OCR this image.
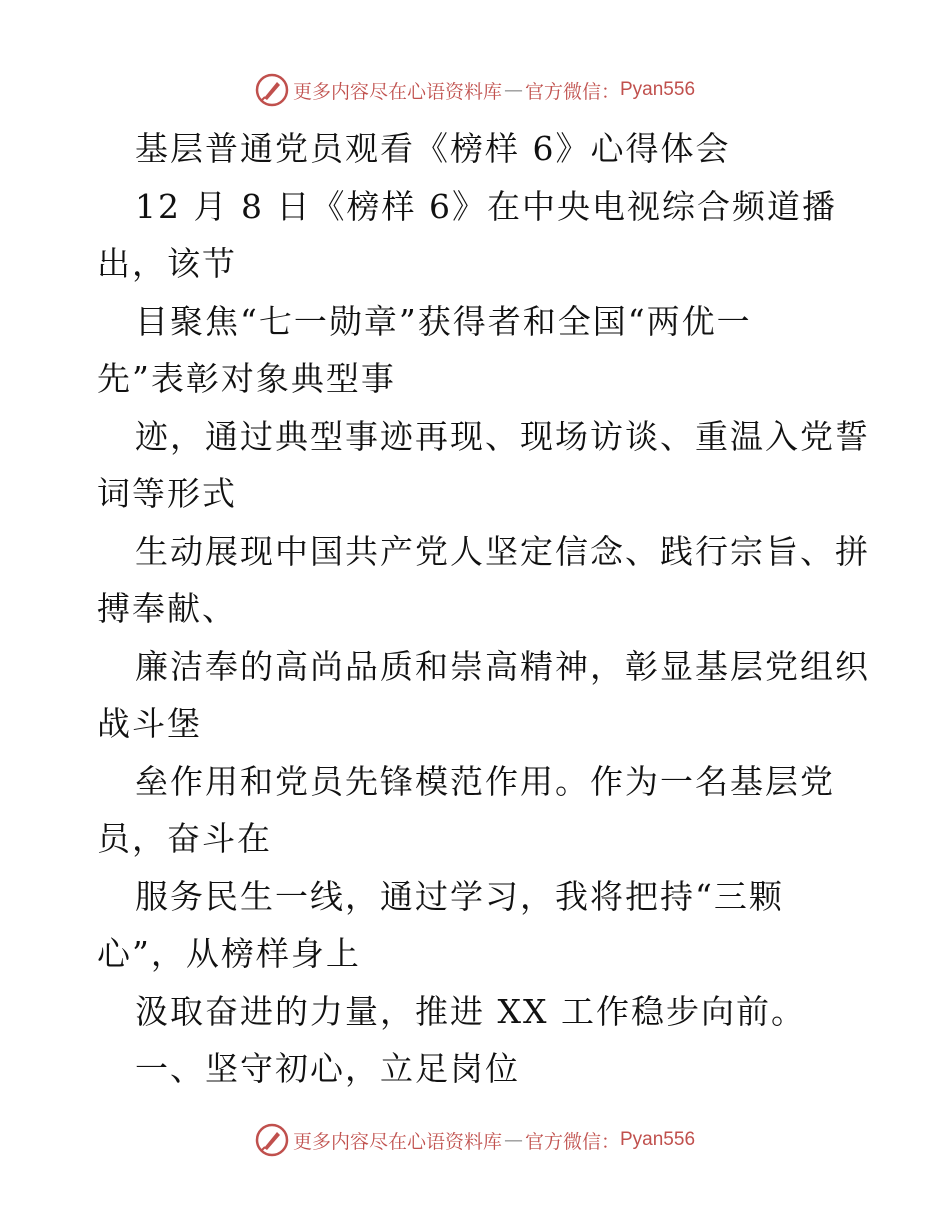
更多内容尽在心语资料库 — 官方微信： Pyan556
基层普通党员观看《榜样 6》心得体会
12 月 8 日《榜样 6》在中央电视综合频道播
出，该节
目聚焦“七一勋章”获得者和全国“两优一
先”表彰对象典型事
迹，通过典型事迹再现、现场访谈、重温入党誓
词等形式
生动展现中国共产党人坚定信念、践行宗旨、拼
搏奉献、
廉洁奉的高尚品质和崇高精神，彰显基层党组织
战斗堡
垒作用和党员先锋模范作用。作为一名基层党
员，奋斗在
服务民生一线，通过学习，我将把持“三颗
心”，从榜样身上
汲取奋进的力量，推进 XX 工作稳步向前。
一、坚守初心，立足岗位
更多内容尽在心语资料库 — 官方微信： Pyan556
